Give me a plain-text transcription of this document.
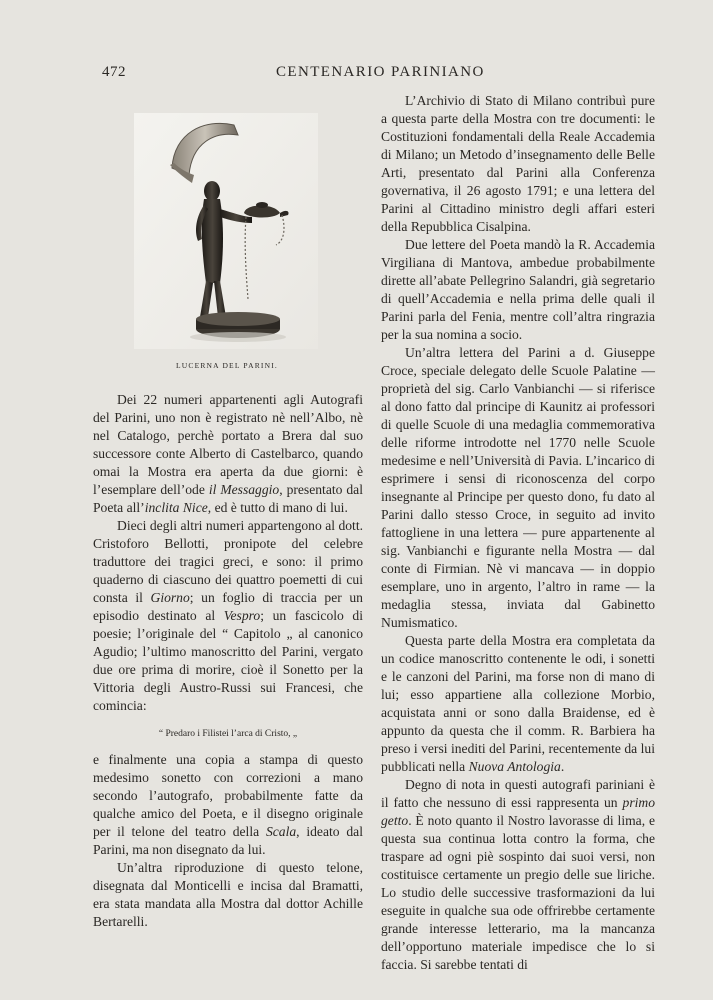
472	CENTENARIO PARINIANO
LUCERNA DEL PARINI.

Dei 22 numeri appartenenti agli Autografi del Parini, uno non è registrato nè nell’Albo, nè nel Catalogo, perchè portato a Brera dal suo successore conte Alberto di Castelbarco, quando omai la Mostra era aperta da due giorni: è l’esemplare dell’ode il Messaggio, presentato dal Poeta all’inclita Nice, ed è tutto di mano di lui.

Dieci degli altri numeri appartengono al dott. Cristoforo Bellotti, pronipote del celebre traduttore dei tragici greci, e sono: il primo quaderno di ciascuno dei quattro poemetti di cui consta il Giorno; un foglio di traccia per un episodio destinato al Vespro; un fascicolo di poesie; l’originale del “ Capitolo „ al canonico Agudio; l’ultimo manoscritto del Parini, vergato due ore prima di morire, cioè il Sonetto per la Vittoria degli Austro-Russi sui Francesi, che comincia:

“ Predaro i Filistei l’arca di Cristo, „

e finalmente una copia a stampa di questo medesimo sonetto con correzioni a mano secondo l’autografo, probabilmente fatte da qualche amico del Poeta, e il disegno originale per il telone del teatro della Scala, ideato dal Parini, ma non disegnato da lui.

Un’altra riproduzione di questo telone, disegnata dal Monticelli e incisa dal Bramatti, era stata mandata alla Mostra dal dottor Achille Bertarelli.

L’Archivio di Stato di Milano contribuì pure a questa parte della Mostra con tre documenti: le Costituzioni fondamentali della Reale Accademia di Milano; un Metodo d’insegnamento delle Belle Arti, presentato dal Parini alla Conferenza governativa, il 26 agosto 1791; e una lettera del Parini al Cittadino ministro degli affari esteri della Repubblica Cisalpina.

Due lettere del Poeta mandò la R. Accademia Virgiliana di Mantova, ambedue probabilmente dirette all’abate Pellegrino Salandri, già segretario di quell’Accademia e nella prima delle quali il Parini parla del Fenia, mentre coll’altra ringrazia per la sua nomina a socio.

Un’altra lettera del Parini a d. Giuseppe Croce, speciale delegato delle Scuole Palatine — proprietà del sig. Carlo Vanbianchi — si riferisce al dono fatto dal principe di Kaunitz ai professori di quelle Scuole di una medaglia commemorativa delle riforme introdotte nel 1770 nelle Scuole medesime e nell’Università di Pavia. L’incarico di esprimere i sensi di riconoscenza del corpo insegnante al Principe per questo dono, fu dato al Parini dallo stesso Croce, in seguito ad invito fattogliene in una lettera — pure appartenente al sig. Vanbianchi e figurante nella Mostra — dal conte di Firmian. Nè vi mancava — in doppio esemplare, uno in argento, l’altro in rame — la medaglia stessa, inviata dal Gabinetto Numismatico.

Questa parte della Mostra era completata da un codice manoscritto contenente le odi, i sonetti e le canzoni del Parini, ma forse non di mano di lui; esso appartiene alla collezione Morbio, acquistata anni or sono dalla Braidense, ed è appunto da questa che il comm. R. Barbiera ha preso i versi inediti del Parini, recentemente da lui pubblicati nella Nuova Antologia.

Degno di nota in questi autografi pariniani è il fatto che nessuno di essi rappresenta un primo getto. È noto quanto il Nostro lavorasse di lima, e questa sua continua lotta contro la forma, che traspare ad ogni piè sospinto dai suoi versi, non costituisce certamente un pregio delle sue liriche. Lo studio delle successive trasformazioni da lui eseguite in qualche sua ode offrirebbe certamente grande interesse letterario, ma la mancanza dell’opportuno materiale impedisce che lo si faccia. Si sarebbe tentati di
